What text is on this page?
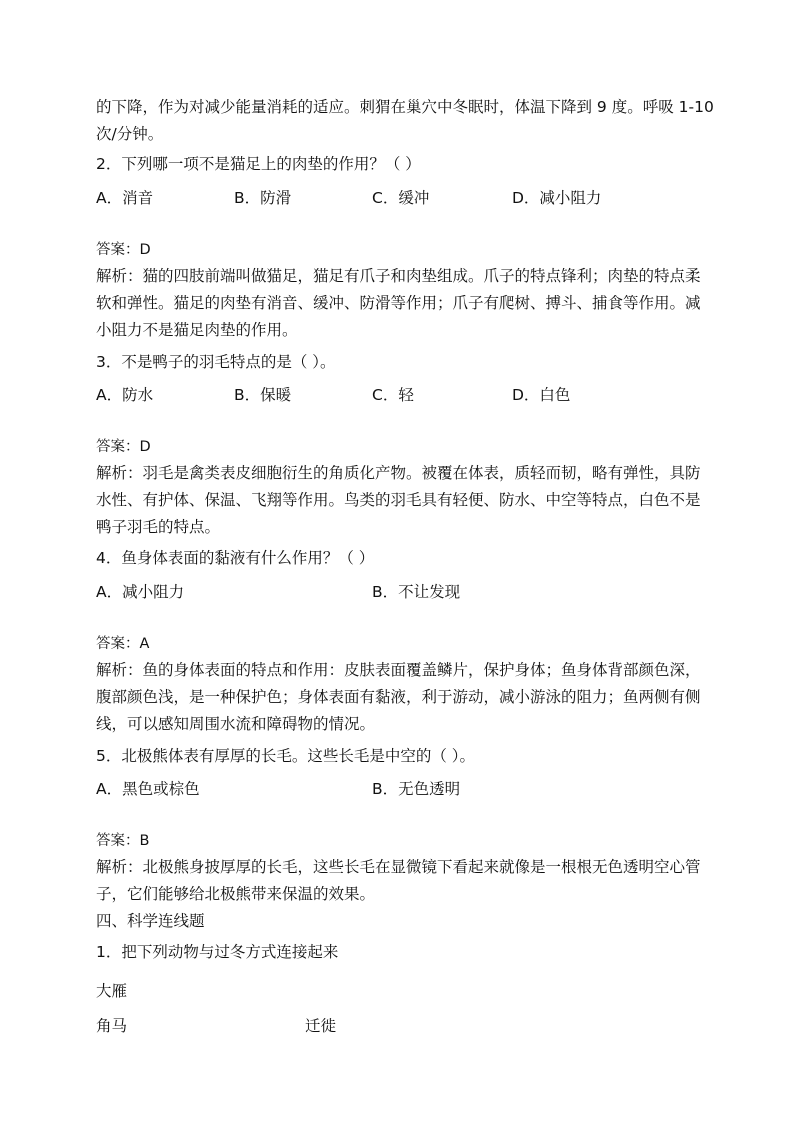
的下降，作为对减少能量消耗的适应。刺猬在巢穴中冬眠时，体温下降到 9 度。呼吸 1-10
次/分钟。
2．下列哪一项不是猫足上的肉垫的作用？（ ）
A．消音	B．防滑	C．缓冲	D．减小阻力
答案：D
解析：猫的四肢前端叫做猫足，猫足有爪子和肉垫组成。爪子的特点锋利；肉垫的特点柔
软和弹性。猫足的肉垫有消音、缓冲、防滑等作用；爪子有爬树、搏斗、捕食等作用。减
小阻力不是猫足肉垫的作用。
3．不是鸭子的羽毛特点的是（ ）。
A．防水	B．保暖	C．轻	D．白色
答案：D
解析：羽毛是禽类表皮细胞衍生的角质化产物。被覆在体表，质轻而韧，略有弹性，具防
水性、有护体、保温、飞翔等作用。鸟类的羽毛具有轻便、防水、中空等特点，白色不是
鸭子羽毛的特点。
4．鱼身体表面的黏液有什么作用？（ ）
A．减小阻力	B．不让发现
答案：A
解析：鱼的身体表面的特点和作用：皮肤表面覆盖鳞片，保护身体；鱼身体背部颜色深，
腹部颜色浅，是一种保护色；身体表面有黏液，利于游动，减小游泳的阻力；鱼两侧有侧
线，可以感知周围水流和障碍物的情况。
5．北极熊体表有厚厚的长毛。这些长毛是中空的（ ）。
A．黑色或棕色	B．无色透明
答案：B
解析：北极熊身披厚厚的长毛，这些长毛在显微镜下看起来就像是一根根无色透明空心管
子，它们能够给北极熊带来保温的效果。
四、科学连线题
1．把下列动物与过冬方式连接起来
大雁
角马	迁徙
